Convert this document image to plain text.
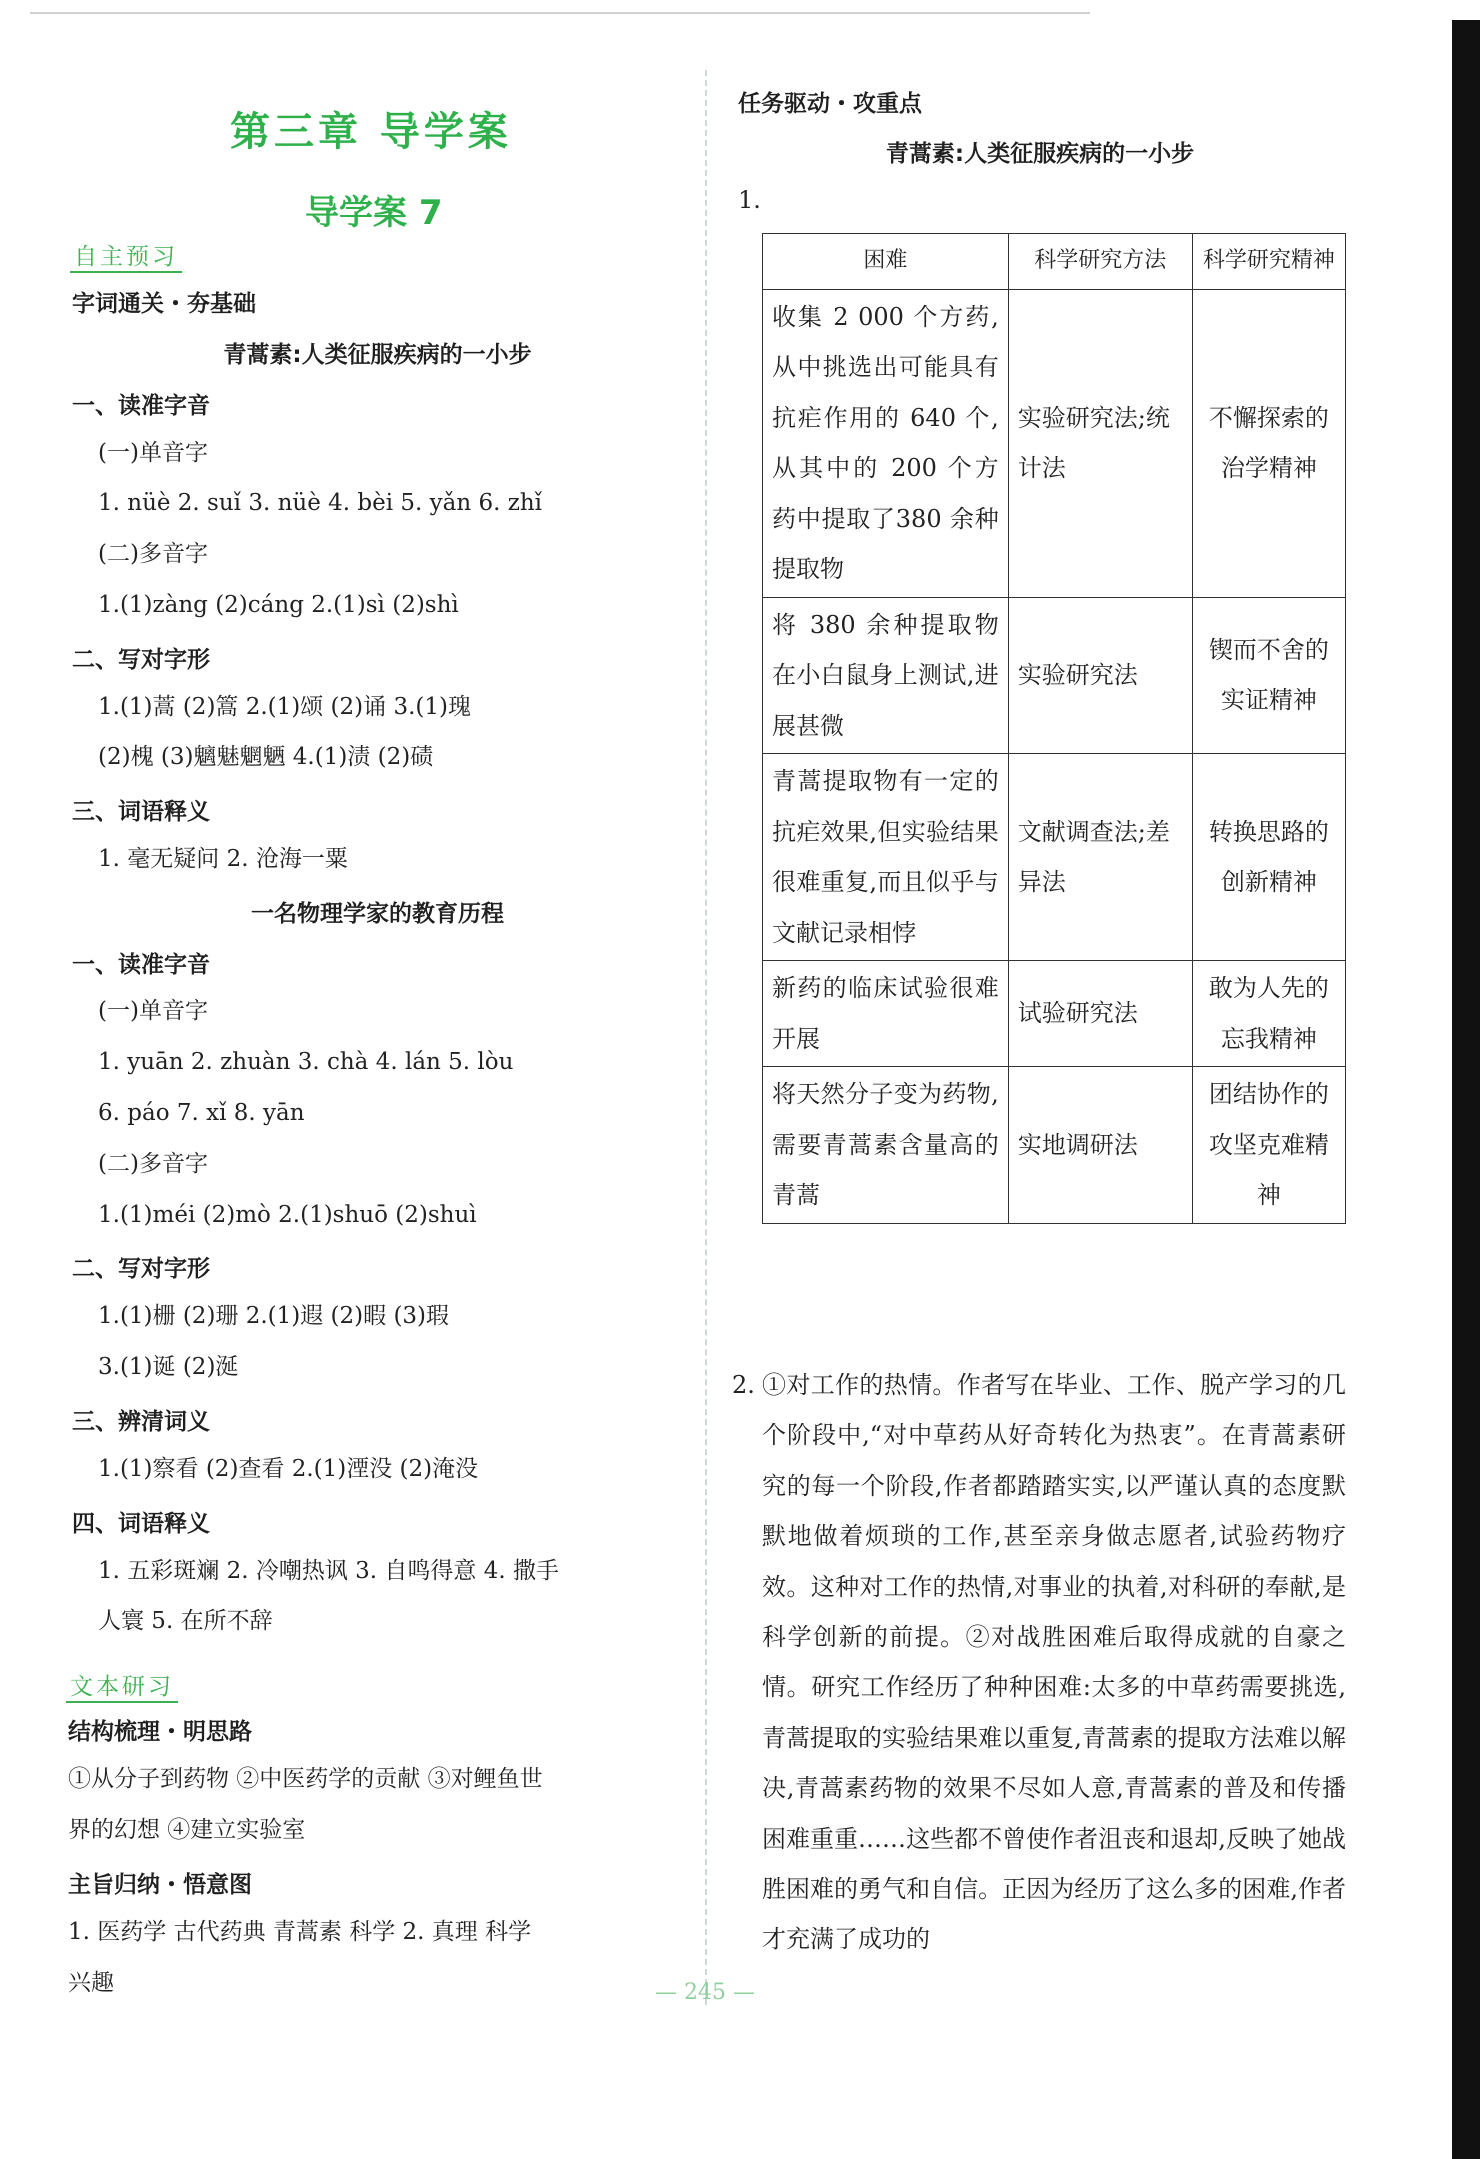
第三章 导学案
导学案 7
自主预习
字词通关・夯基础
青蒿素:人类征服疾病的一小步
一、读准字音
(一)单音字
1. nüè 2. suǐ 3. nüè 4. bèi 5. yǎn 6. zhǐ
(二)多音字
1.(1)zàng (2)cáng 2.(1)sì (2)shì
二、写对字形
1.(1)蒿 (2)篙 2.(1)颂 (2)诵 3.(1)瑰
(2)槐 (3)魑魅魍魉 4.(1)渍 (2)碛
三、词语释义
1. 毫无疑问 2. 沧海一粟
一名物理学家的教育历程
一、读准字音
(一)单音字
1. yuān 2. zhuàn 3. chà 4. lán 5. lòu
6. páo 7. xǐ 8. yān
(二)多音字
1.(1)méi (2)mò 2.(1)shuō (2)shuì
二、写对字形
1.(1)栅 (2)珊 2.(1)遐 (2)暇 (3)瑕
3.(1)诞 (2)涎
三、辨清词义
1.(1)察看 (2)查看 2.(1)湮没 (2)淹没
四、词语释义
1. 五彩斑斓 2. 冷嘲热讽 3. 自鸣得意 4. 撒手
人寰 5. 在所不辞
文本研习
结构梳理・明思路
①从分子到药物 ②中医药学的贡献 ③对鲤鱼世
界的幻想 ④建立实验室
主旨归纳・悟意图
1. 医药学 古代药典 青蒿素 科学 2. 真理 科学
兴趣
任务驱动・攻重点
青蒿素:人类征服疾病的一小步
1.
困难	科学研究方法	科学研究精神
收集 2 000 个方药,从中挑选出可能具有抗疟作用的 640 个,从其中的 200 个方药中提取了380 余种提取物	实验研究法;统计法	不懈探索的治学精神
将 380 余种提取物在小白鼠身上测试,进展甚微	实验研究法	锲而不舍的实证精神
青蒿提取物有一定的抗疟效果,但实验结果很难重复,而且似乎与文献记录相悖	文献调查法;差异法	转换思路的创新精神
新药的临床试验很难开展	试验研究法	敢为人先的忘我精神
将天然分子变为药物,需要青蒿素含量高的青蒿	实地调研法	团结协作的攻坚克难精神
2. ①对工作的热情。作者写在毕业、工作、脱产学习的几个阶段中,“对中草药从好奇转化为热衷”。在青蒿素研究的每一个阶段,作者都踏踏实实,以严谨认真的态度默默地做着烦琐的工作,甚至亲身做志愿者,试验药物疗效。这种对工作的热情,对事业的执着,对科研的奉献,是科学创新的前提。②对战胜困难后取得成就的自豪之情。研究工作经历了种种困难:太多的中草药需要挑选,青蒿提取的实验结果难以重复,青蒿素的提取方法难以解决,青蒿素药物的效果不尽如人意,青蒿素的普及和传播困难重重……这些都不曾使作者沮丧和退却,反映了她战胜困难的勇气和自信。正因为经历了这么多的困难,作者才充满了成功的
— 245 —
